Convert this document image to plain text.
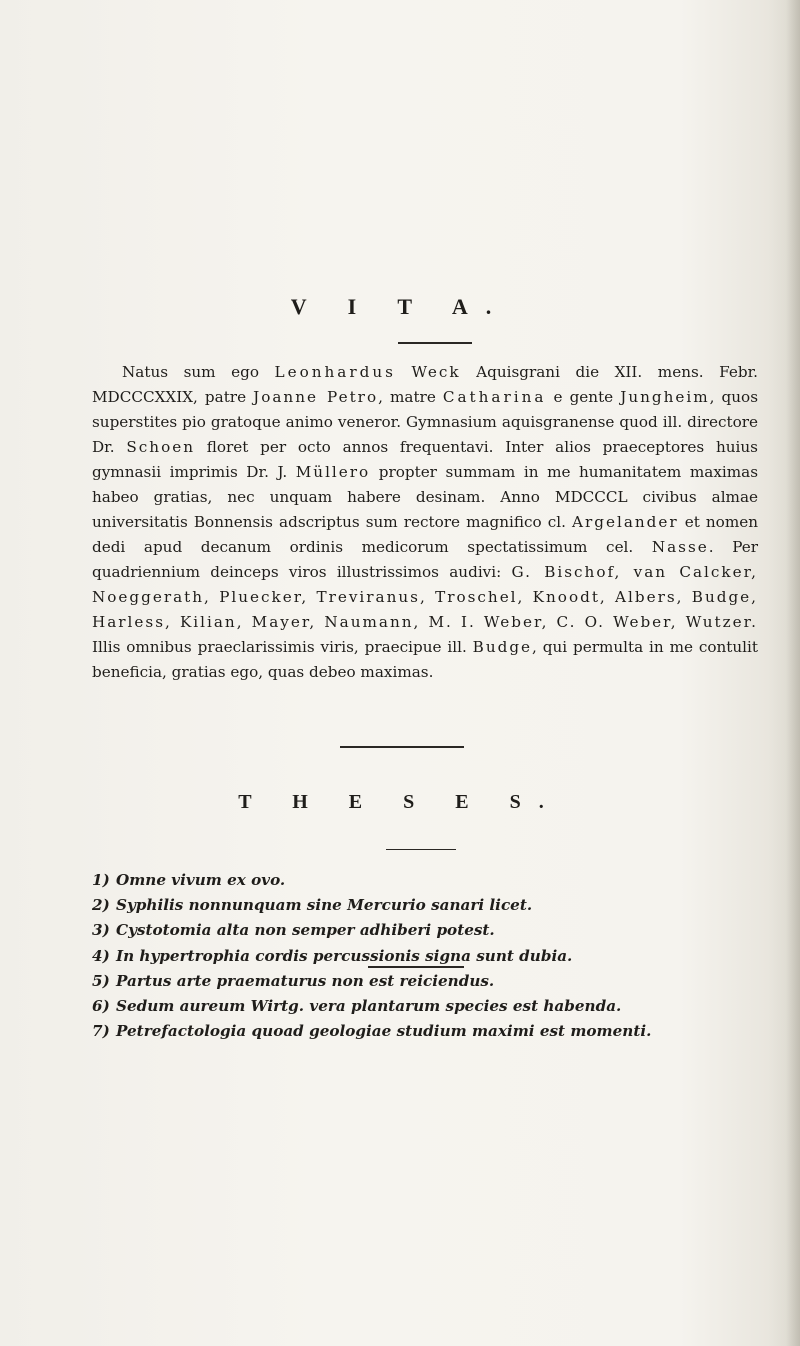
V I T A.

Natus sum ego Leonhardus Weck Aquisgrani die XII. mens. Febr. MDCCCXXIX, patre Joanne Petro, matre Catharina e gente Jungheim, quos superstites pio gratoque animo veneror. Gymnasium aquisgranense quod ill. directore Dr. Schoen floret per octo annos frequentavi. Inter alios praeceptores huius gymnasii imprimis Dr. J. Müllero propter summam in me humanitatem maximas habeo gratias, nec unquam habere desinam. Anno MDCCCL civibus almae universitatis Bonnensis adscriptus sum rectore magnifico cl. Argelander et nomen dedi apud decanum ordinis medicorum spectatissimum cel. Nasse. Per quadriennium deinceps viros illustrissimos audivi: G. Bischof, van Calcker, Noeggerath, Pluecker, Treviranus, Troschel, Knoodt, Albers, Budge, Harless, Kilian, Mayer, Naumann, M. I. Weber, C. O. Weber, Wutzer. Illis omnibus praeclarissimis viris, praecipue ill. Budge, qui permulta in me contulit beneficia, gratias ego, quas debeo maximas.

T H E S E S.
1) Omne vivum ex ovo.
2) Syphilis nonnunquam sine Mercurio sanari licet.
3) Cystotomia alta non semper adhiberi potest.
4) In hypertrophia cordis percussionis signa sunt dubia.
5) Partus arte praematurus non est reiciendus.
6) Sedum aureum Wirtg. vera plantarum species est habenda.
7) Petrefactologia quoad geologiae studium maximi est momenti.
